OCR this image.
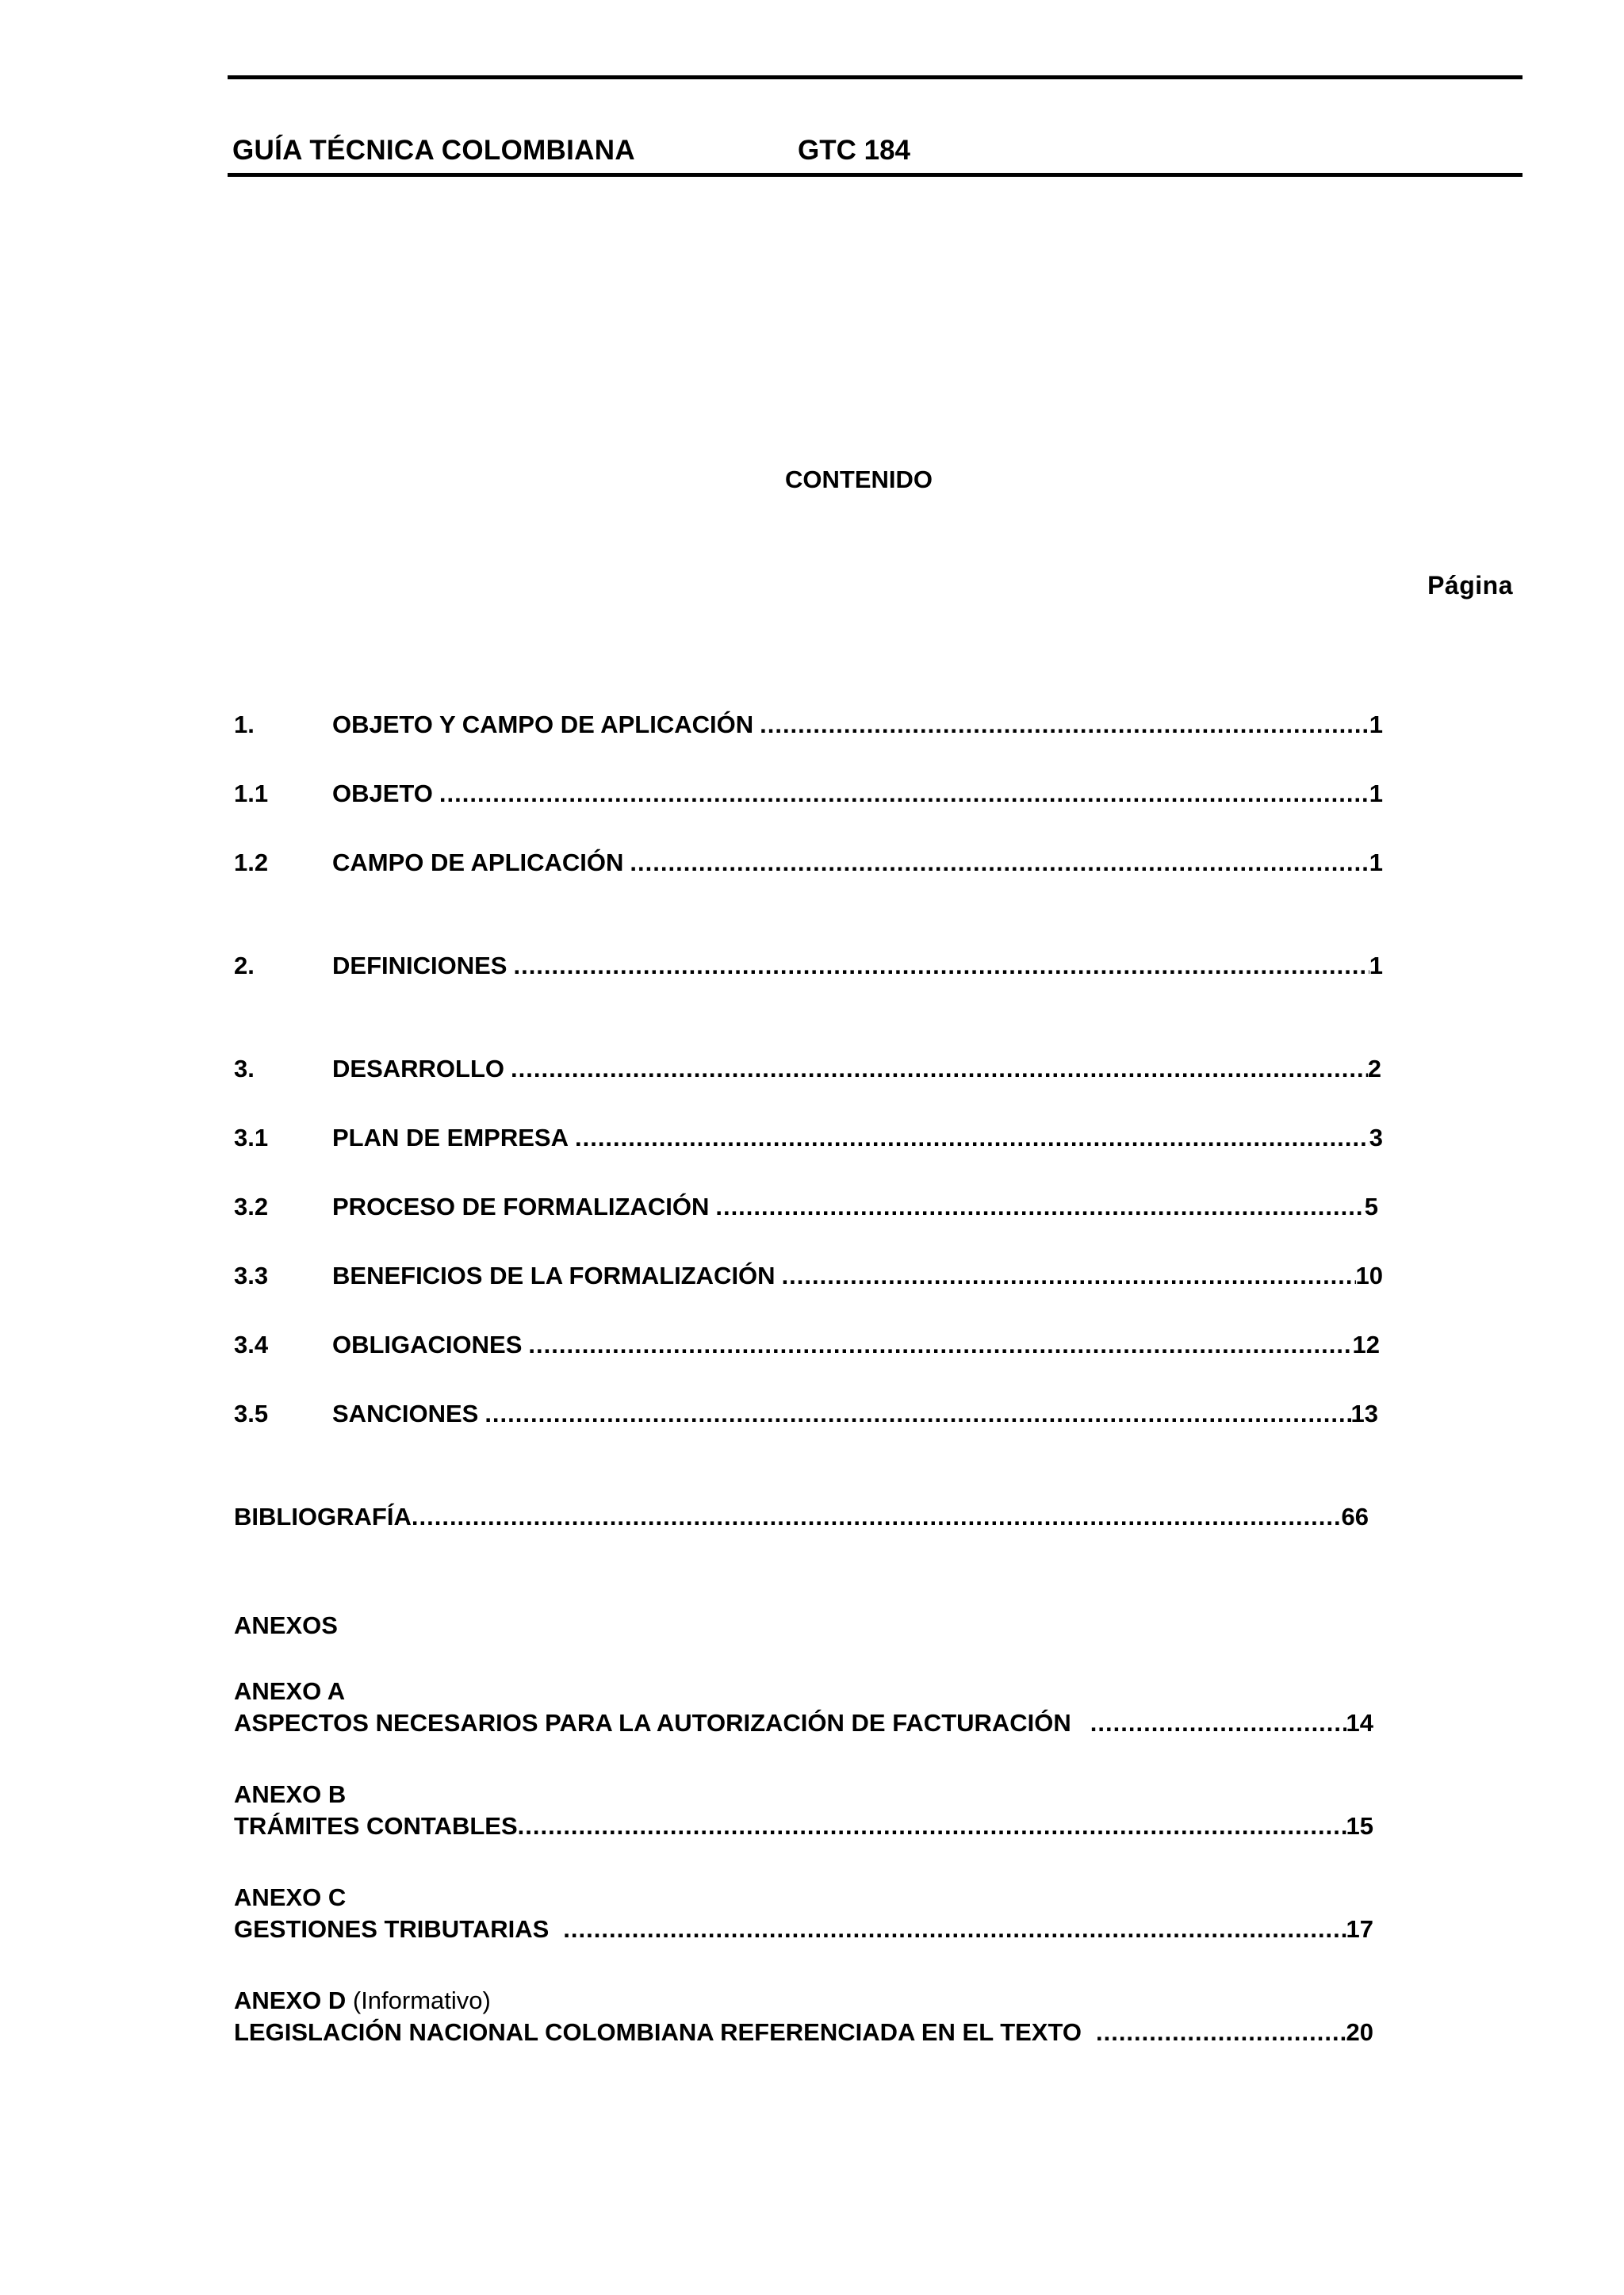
GUÍA TÉCNICA COLOMBIANA	GTC 184
CONTENIDO
Página
1.	OBJETO Y CAMPO DE APLICACIÓN .....	1
1.1	OBJETO .....	1
1.2	CAMPO DE APLICACIÓN .....	1
2.	DEFINICIONES .....	1
3.	DESARROLLO .....	2
3.1	PLAN DE EMPRESA .....	3
3.2	PROCESO DE FORMALIZACIÓN .....	5
3.3	BENEFICIOS DE LA FORMALIZACIÓN .....	10
3.4	OBLIGACIONES .....	12
3.5	SANCIONES .....	13
BIBLIOGRAFÍA .....	66
ANEXOS
ANEXO A
ASPECTOS NECESARIOS PARA LA AUTORIZACIÓN DE FACTURACIÓN .....	14
ANEXO B
TRÁMITES CONTABLES .....	15
ANEXO C
GESTIONES TRIBUTARIAS .....	17
ANEXO D (Informativo)
LEGISLACIÓN NACIONAL COLOMBIANA REFERENCIADA EN EL TEXTO .....	20
